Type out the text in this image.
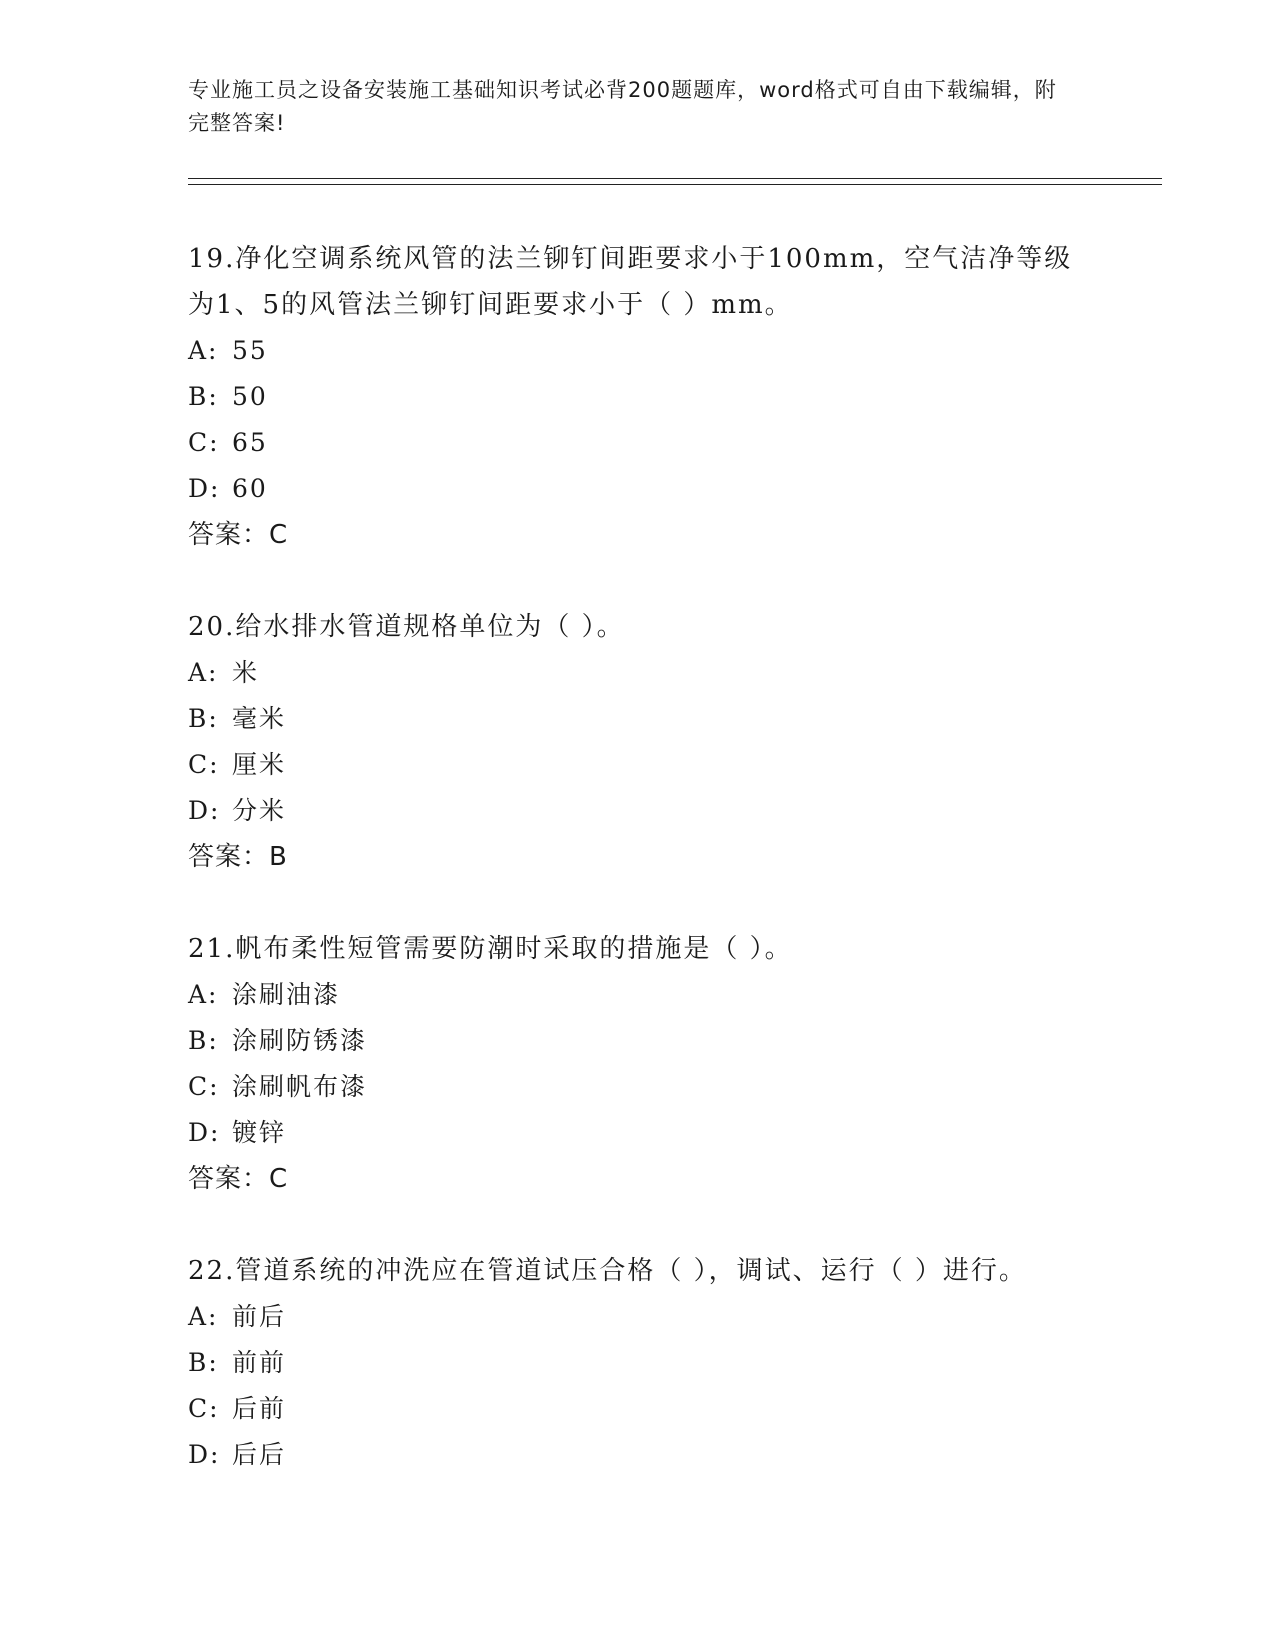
专业施工员之设备安装施工基础知识考试必背200题题库，word格式可自由下载编辑，附完整答案!

19.净化空调系统风管的法兰铆钉间距要求小于100mm，空气洁净等级为1、5的风管法兰铆钉间距要求小于（ ）mm。

A: 55

B: 50

C: 65

D: 60

答案：C

20.给水排水管道规格单位为（ ）。

A: 米

B: 毫米

C: 厘米

D: 分米

答案：B

21.帆布柔性短管需要防潮时采取的措施是（ ）。

A: 涂刷油漆

B: 涂刷防锈漆

C: 涂刷帆布漆

D: 镀锌

答案：C

22.管道系统的冲洗应在管道试压合格（ ），调试、运行（ ）进行。

A: 前后

B: 前前

C: 后前

D: 后后
